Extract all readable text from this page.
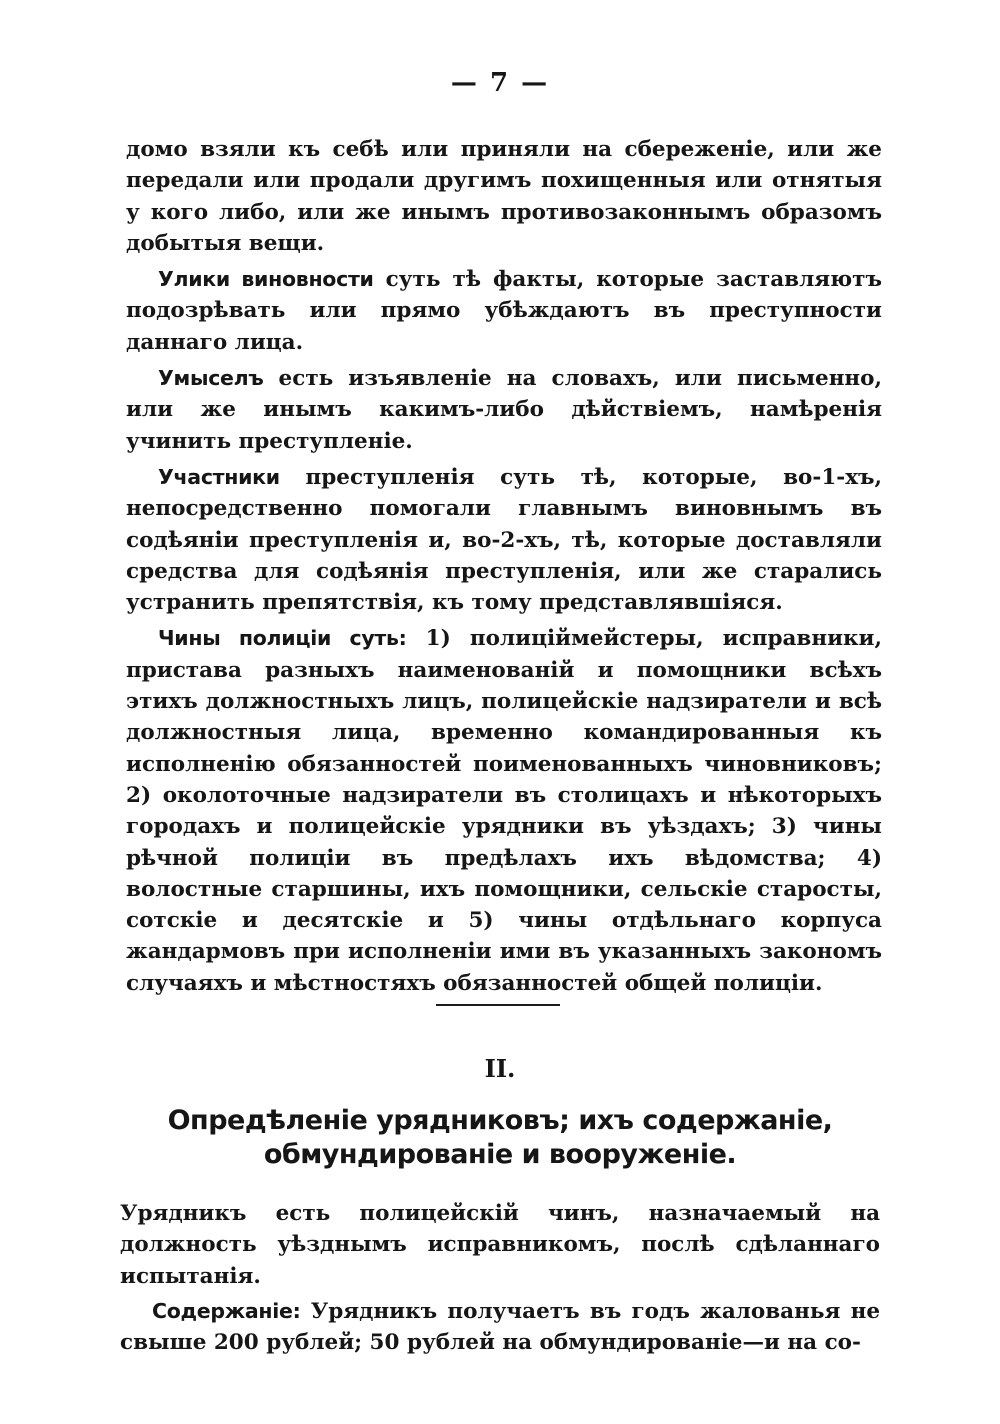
— 7 —

домо взяли къ себѣ или приняли на сбереженіе, или же передали или продали другимъ похищенныя или отнятыя у кого либо, или же инымъ противозаконнымъ образомъ добытыя вещи.

Улики виновности суть тѣ факты, которые заставляютъ подозрѣвать или прямо убѣждаютъ въ преступности даннаго лица.

Умыселъ есть изъявленіе на словахъ, или письменно, или же инымъ какимъ-либо дѣйствіемъ, намѣренія учинить преступленіе.

Участники преступленія суть тѣ, которые, во-1-хъ, непосредственно помогали главнымъ виновнымъ въ содѣяніи преступленія и, во-2-хъ, тѣ, которые доставляли средства для содѣянія преступленія, или же старались устранить препятствія, къ тому представлявшіяся.

Чины полиціи суть: 1) полиціймейстеры, исправники, пристава разныхъ наименованій и помощники всѣхъ этихъ должностныхъ лицъ, полицейскіе надзиратели и всѣ должностныя лица, временно командированныя къ исполненію обязанностей поименованныхъ чиновниковъ; 2) околоточные надзиратели въ столицахъ и нѣкоторыхъ городахъ и полицейскіе урядники въ уѣздахъ; 3) чины рѣчной полиціи въ предѣлахъ ихъ вѣдомства; 4) волостные старшины, ихъ помощники, сельскіе старосты, сотскіе и десятскіе и 5) чины отдѣльнаго корпуса жандармовъ при исполненіи ими въ указанныхъ закономъ случаяхъ и мѣстностяхъ обязанностей общей полиціи.

II.
Опредѣленіе урядниковъ; ихъ содержаніе, обмундированіе и вооруженіе.

Урядникъ есть полицейскій чинъ, назначаемый на должность уѣзднымъ исправникомъ, послѣ сдѣланнаго испытанія.

Содержаніе: Урядникъ получаетъ въ годъ жалованья не свыше 200 рублей; 50 рублей на обмундированіе—и на со-
